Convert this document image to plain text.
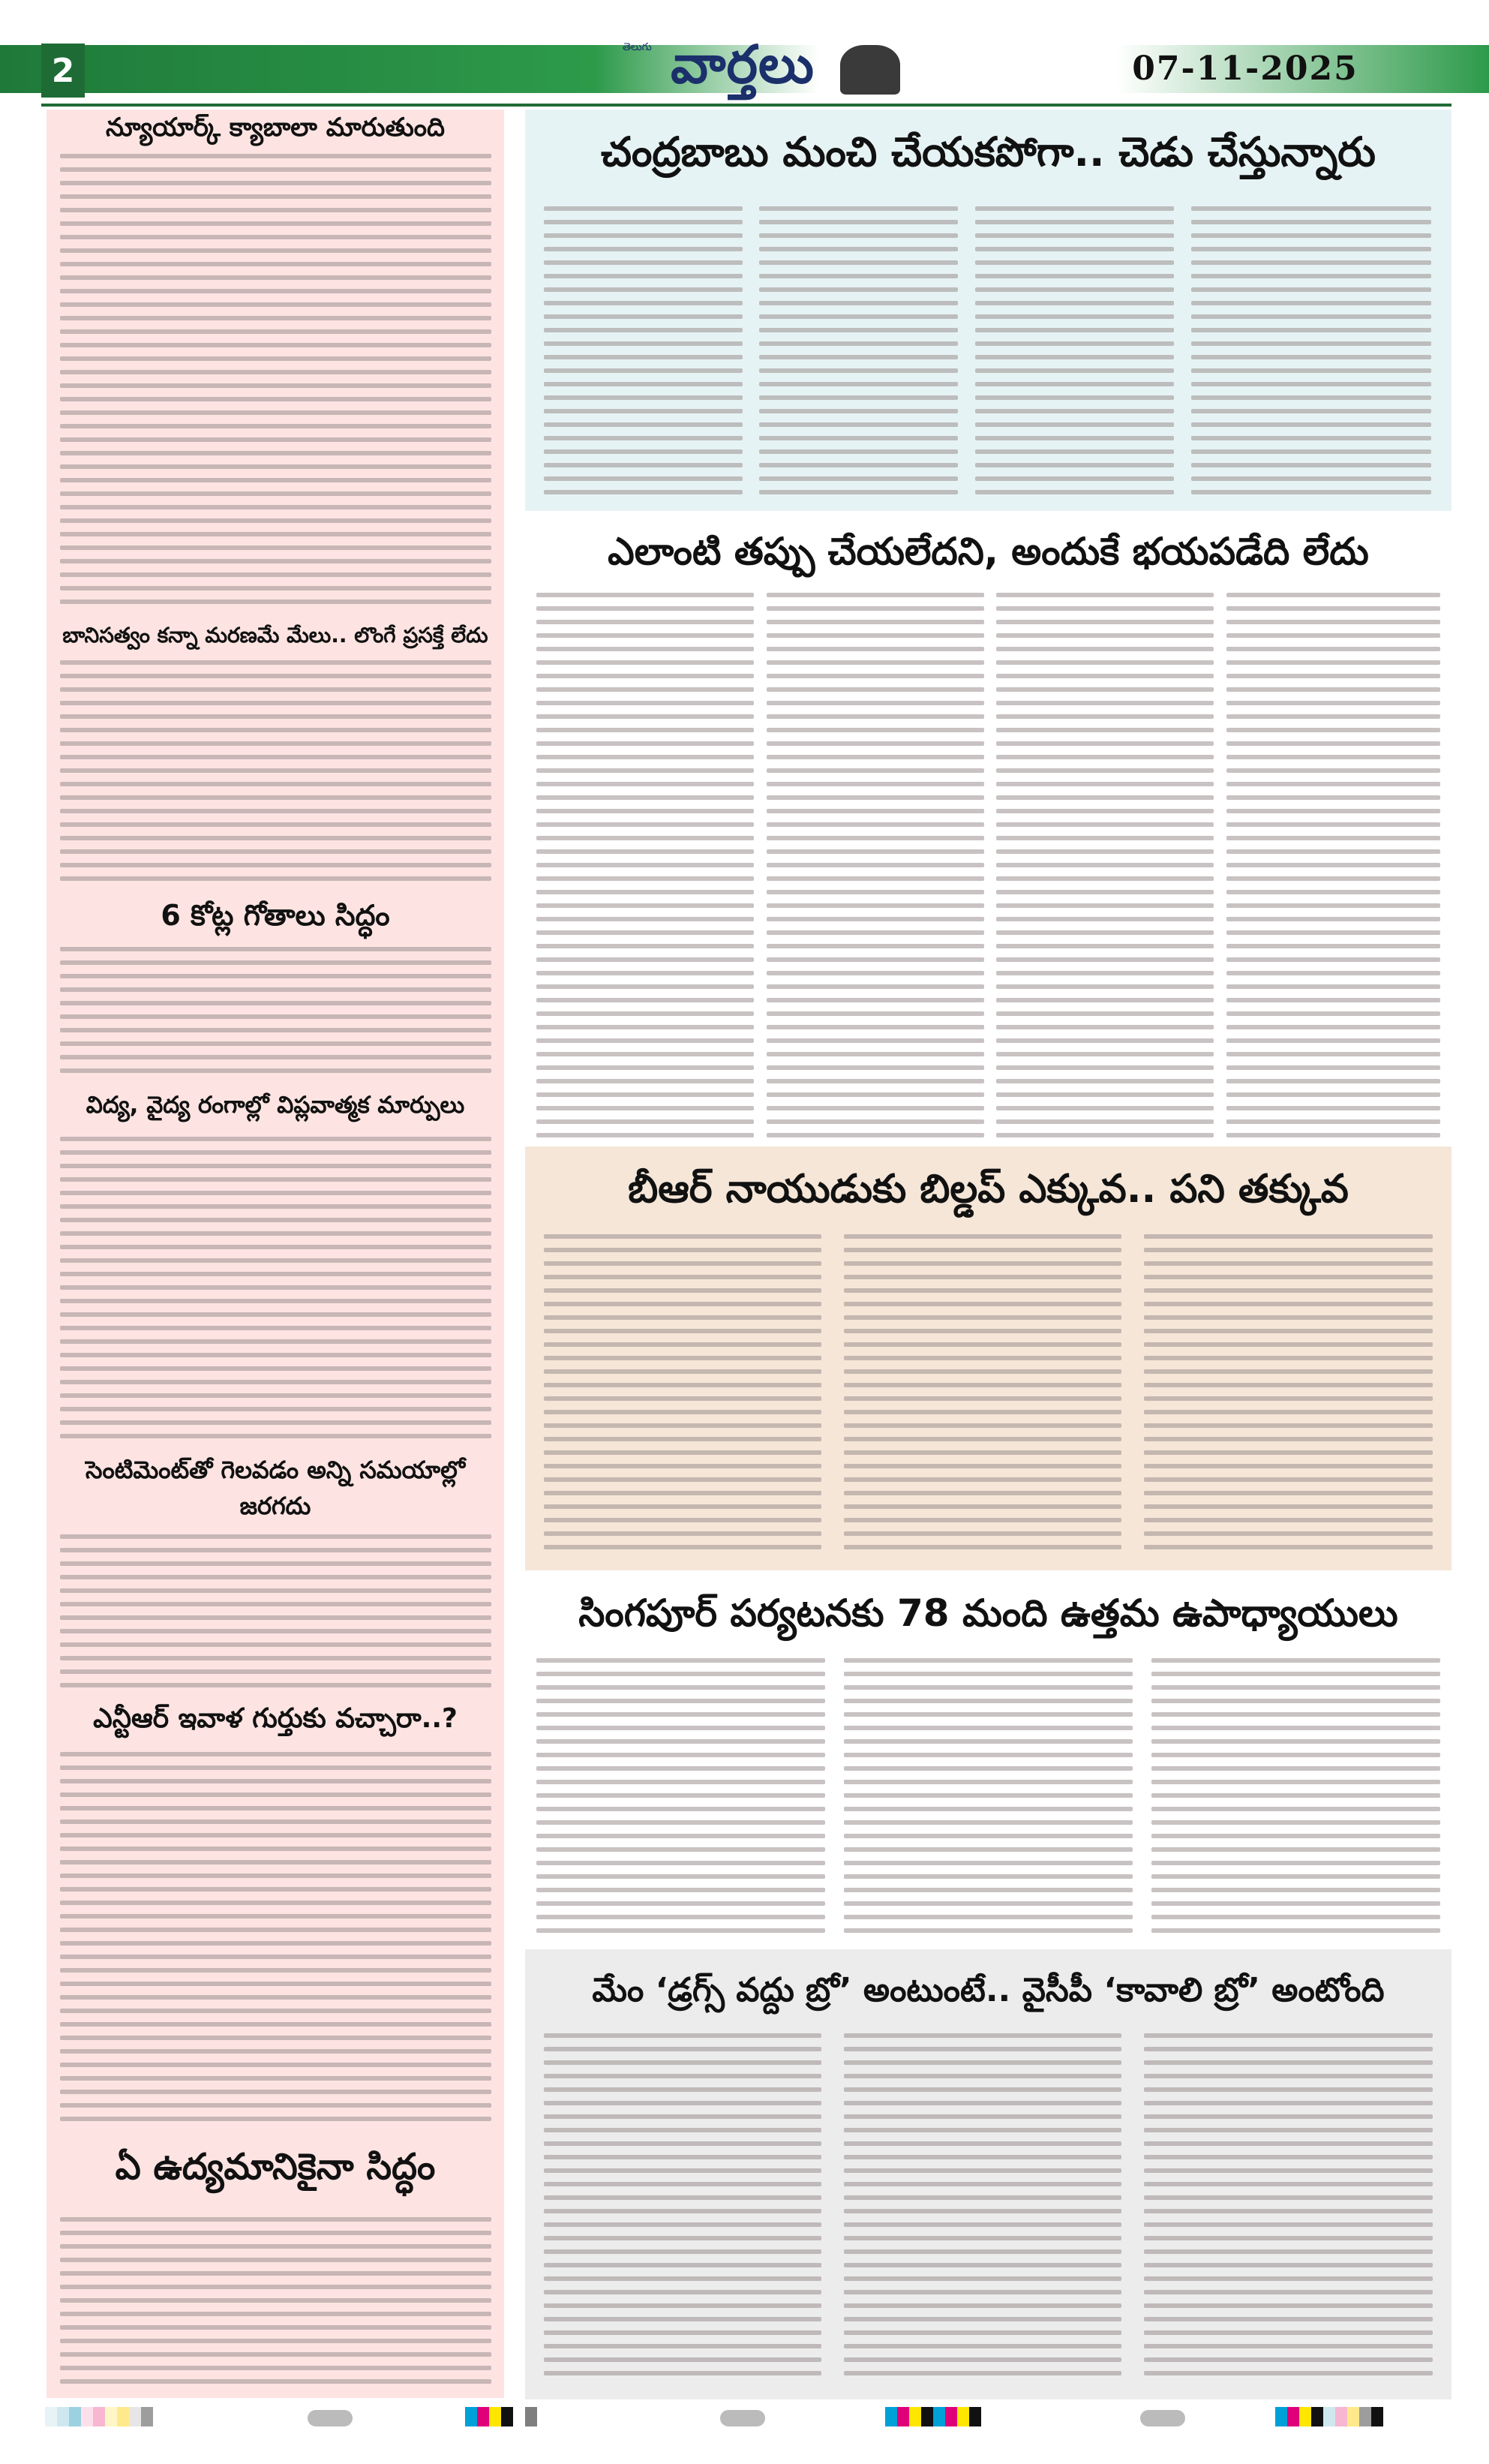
2
తెలుగు వార్తలు	07-11-2025
న్యూయార్క్ క్యాబాలా మారుతుంది
బానిసత్వం కన్నా మరణమే మేలు.. లొంగే ప్రసక్తే లేదు
6 కోట్ల గోతాలు సిద్ధం
విద్య, వైద్య రంగాల్లో విప్లవాత్మక మార్పులు
సెంటిమెంట్‌తో గెలవడం అన్ని సమయాల్లో జరగదు
ఎన్టీఆర్ ఇవాళ గుర్తుకు వచ్చారా..?
ఏ ఉద్యమానికైనా సిద్ధం
చంద్రబాబు మంచి చేయకపోగా.. చెడు చేస్తున్నారు
ఎలాంటి తప్పు చేయలేదని, అందుకే భయపడేది లేదు
బీఆర్ నాయుడుకు బిల్డప్ ఎక్కువ.. పని తక్కువ
సింగపూర్ పర్యటనకు 78 మంది ఉత్తమ ఉపాధ్యాయులు
మేం ‘డ్రగ్స్ వద్దు బ్రో’ అంటుంటే.. వైసీపీ ‘కావాలి బ్రో’ అంటోంది
